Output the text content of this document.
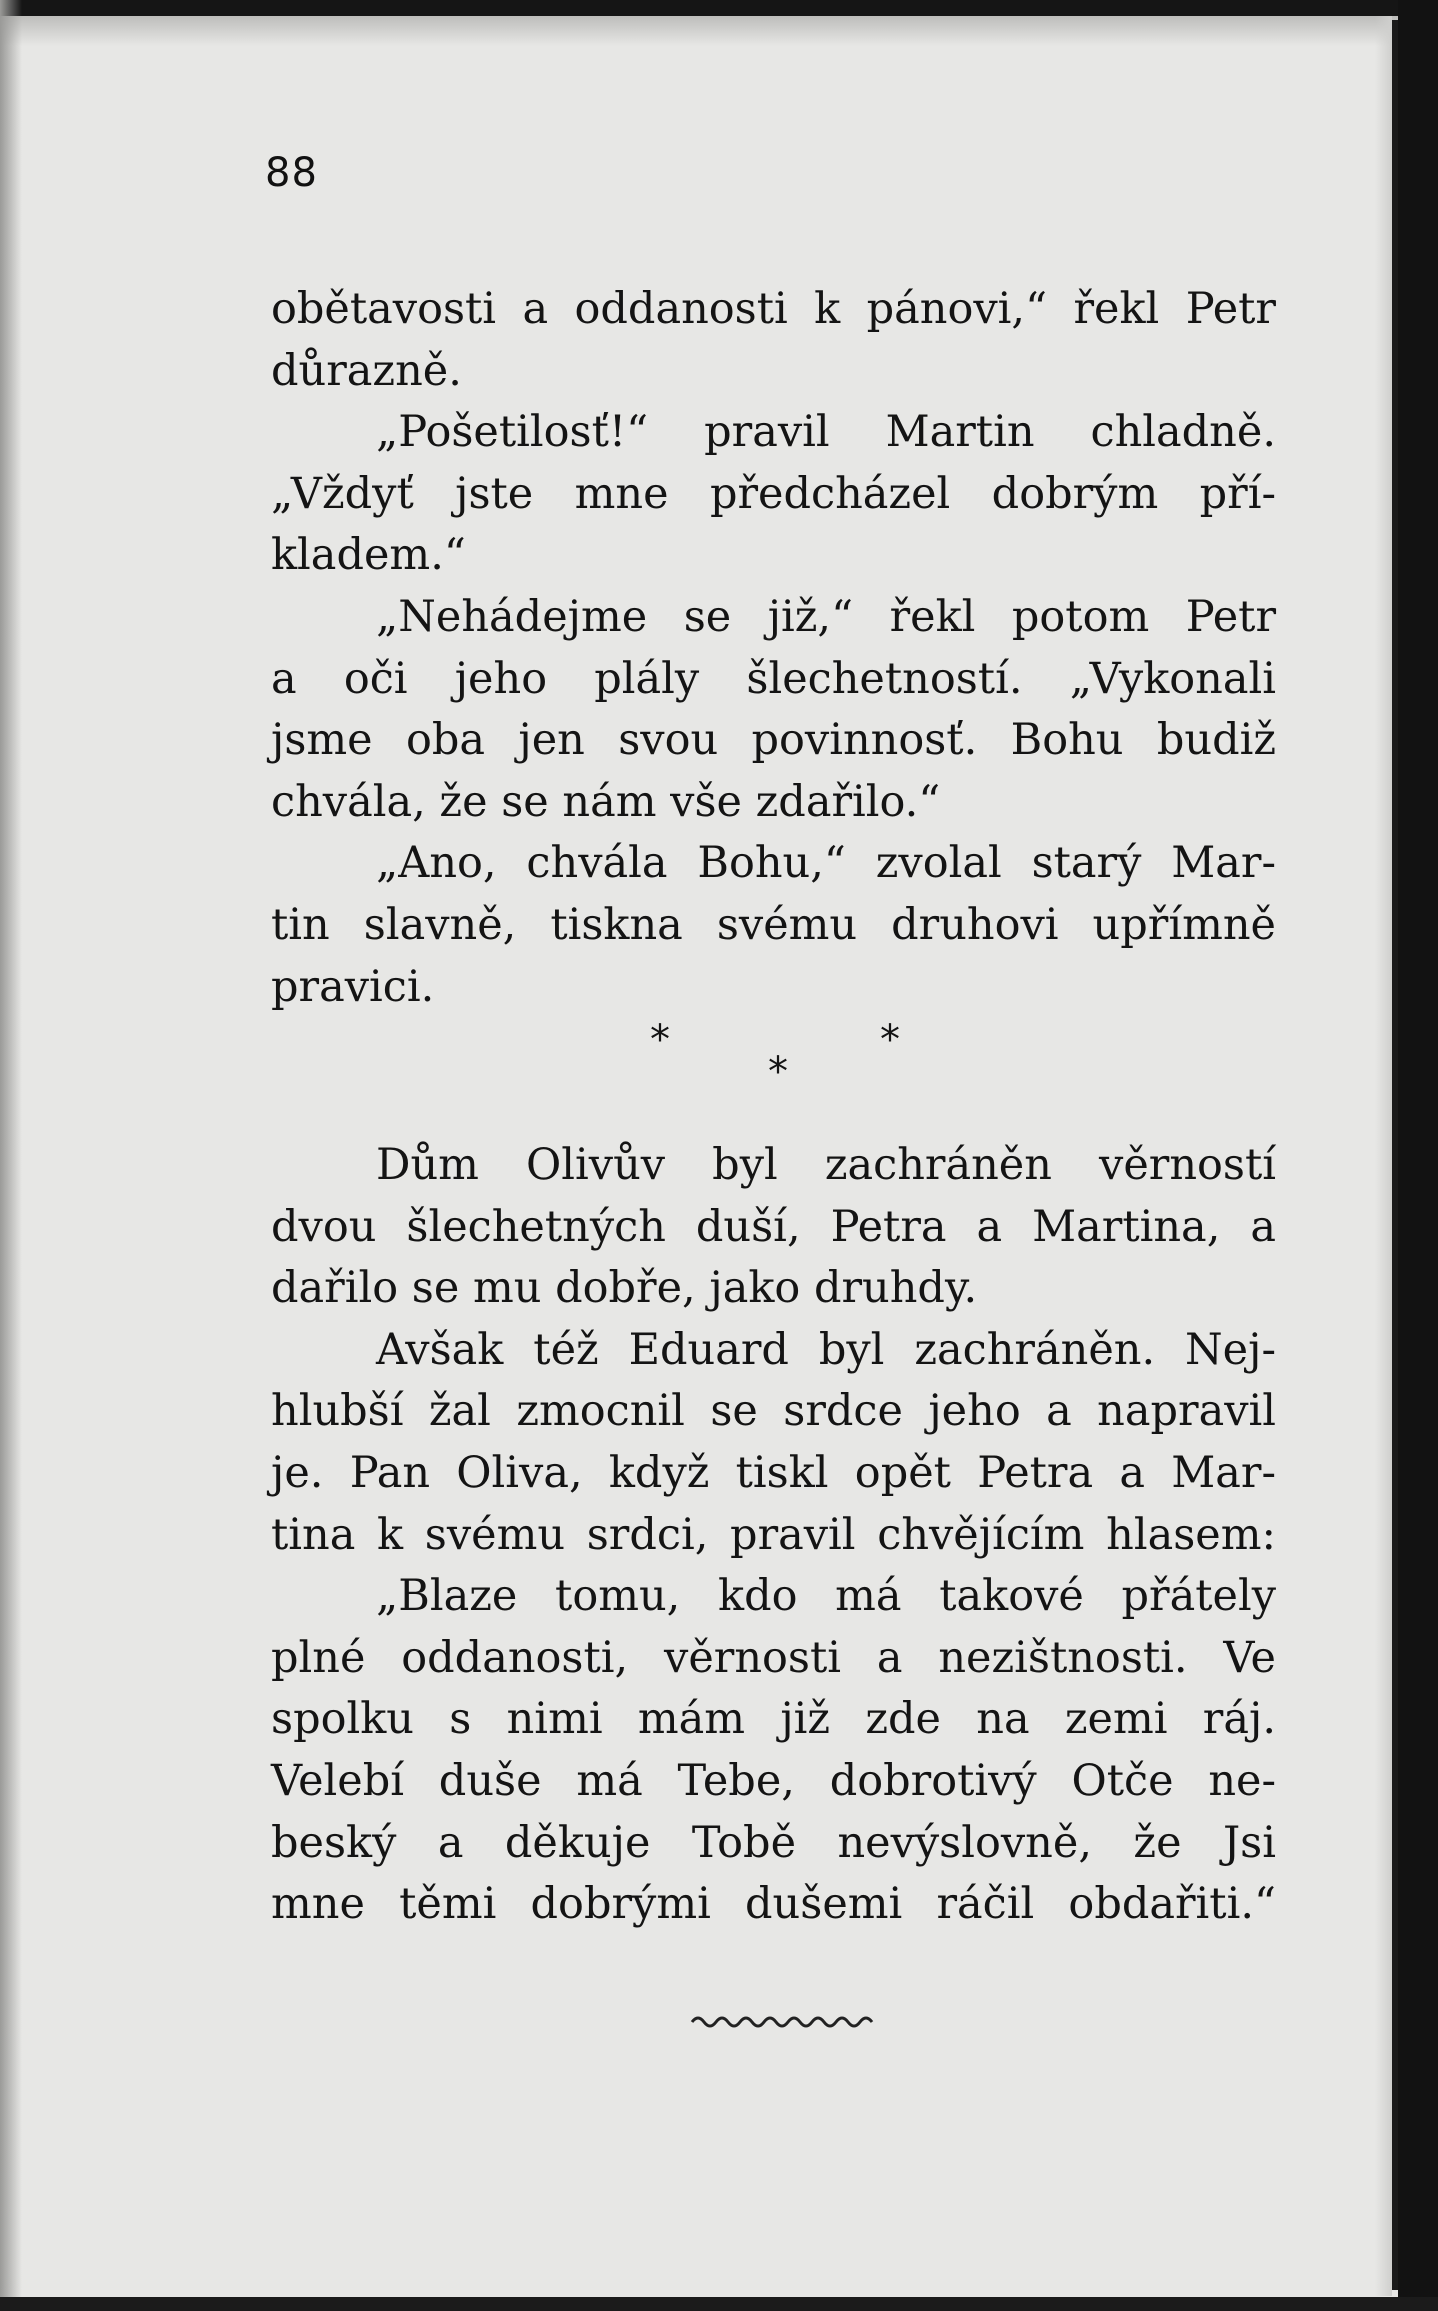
88
obětavosti a oddanosti k pánovi,“ řekl Petr
důrazně.
„Pošetilosť!“ pravil Martin chladně.
„Vždyť jste mne předcházel dobrým pří-
kladem.“
„Nehádejme se již,“ řekl potom Petr
a oči jeho plály šlechetností. „Vykonali
jsme oba jen svou povinnosť. Bohu budiž
chvála, že se nám vše zdařilo.“
„Ano, chvála Bohu,“ zvolal starý Mar-
tin slavně, tiskna svému druhovi upřímně
pravici.
*
*
*
Dům Olivův byl zachráněn věrností
dvou šlechetných duší, Petra a Martina, a
dařilo se mu dobře, jako druhdy.
Avšak též Eduard byl zachráněn. Nej-
hlubší žal zmocnil se srdce jeho a napravil
je. Pan Oliva, když tiskl opět Petra a Mar-
tina k svému srdci, pravil chvějícím hlasem:
„Blaze tomu, kdo má takové přátely
plné oddanosti, věrnosti a nezištnosti. Ve
spolku s nimi mám již zde na zemi ráj.
Velebí duše má Tebe, dobrotivý Otče ne-
beský a děkuje Tobě nevýslovně, že Jsi
mne těmi dobrými dušemi ráčil obdařiti.“
